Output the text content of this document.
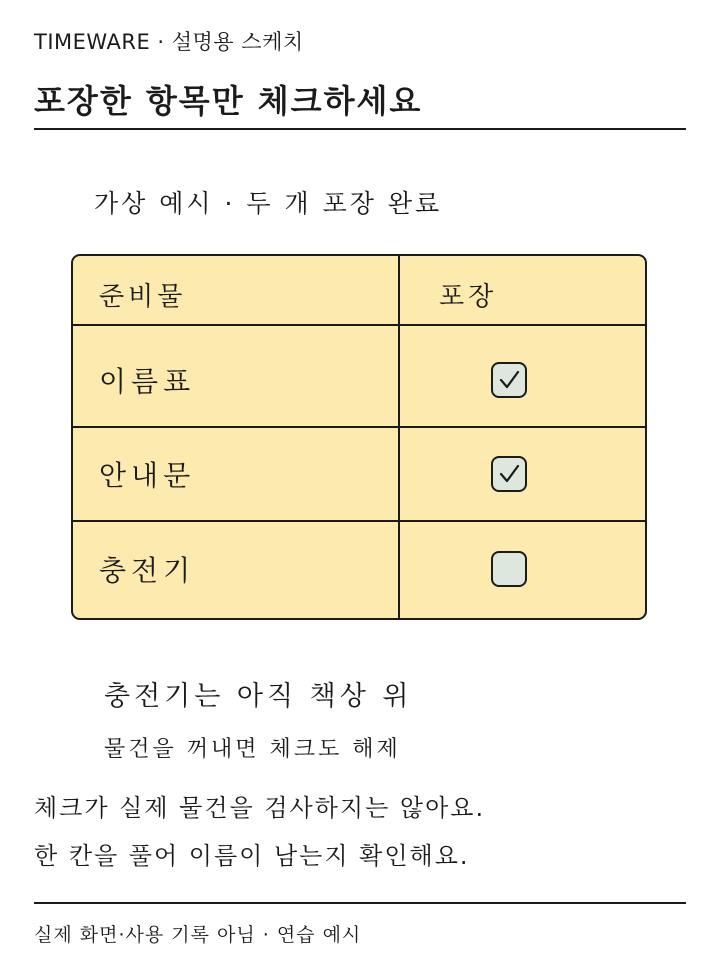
TIMEWARE · 설명용 스케치
포장한 항목만 체크하세요
가상 예시 · 두 개 포장 완료
준비물	포장
이름표
안내문
충전기
충전기는 아직 책상 위
물건을 꺼내면 체크도 해제
체크가 실제 물건을 검사하지는 않아요.
한 칸을 풀어 이름이 남는지 확인해요.
실제 화면·사용 기록 아님 · 연습 예시
